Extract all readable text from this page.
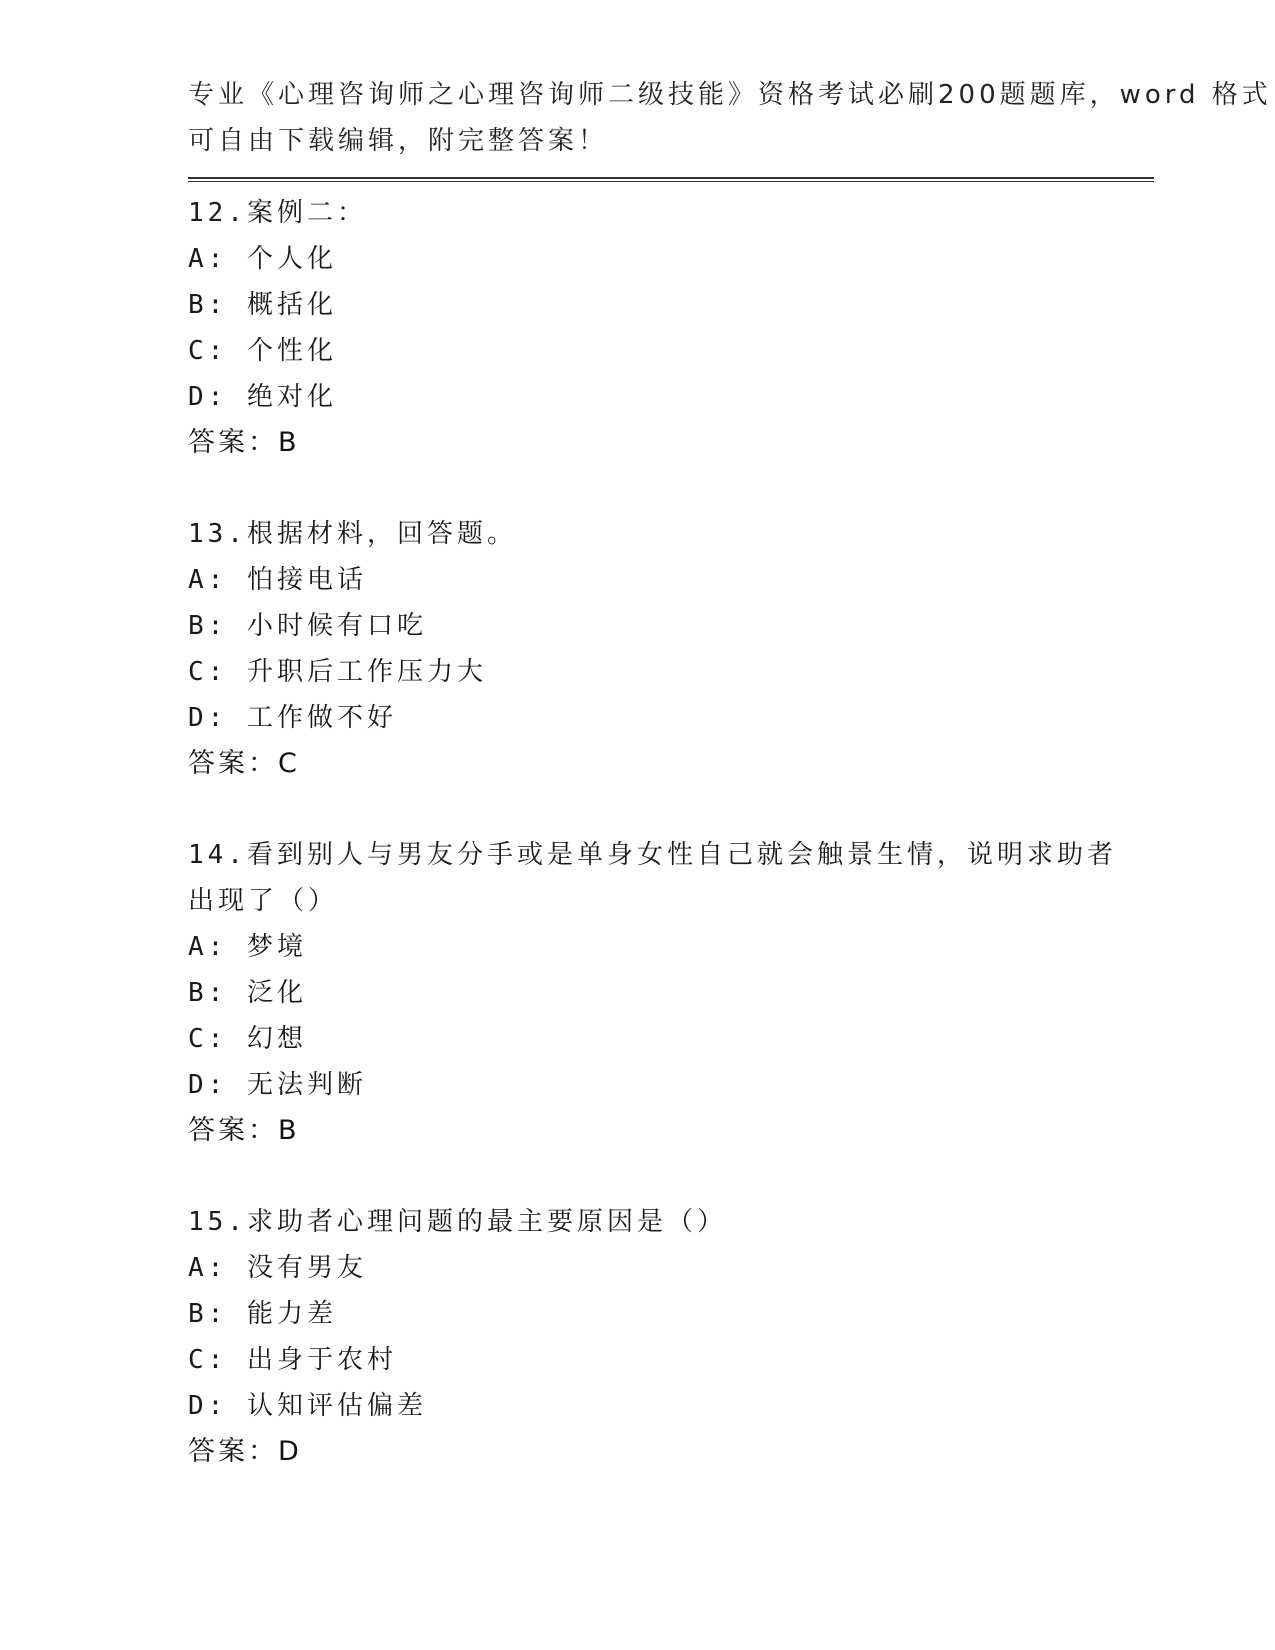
专业《心理咨询师之心理咨询师二级技能》资格考试必刷200题题库，word 格式
可自由下载编辑，附完整答案！
12.案例二：
A: 个人化
B: 概括化
C: 个性化
D: 绝对化
答案：B
13.根据材料，回答题。
A: 怕接电话
B: 小时候有口吃
C: 升职后工作压力大
D: 工作做不好
答案：C
14.看到别人与男友分手或是单身女性自己就会触景生情，说明求助者
出现了（）
A: 梦境
B: 泛化
C: 幻想
D: 无法判断
答案：B
15.求助者心理问题的最主要原因是（）
A: 没有男友
B: 能力差
C: 出身于农村
D: 认知评估偏差
答案：D
